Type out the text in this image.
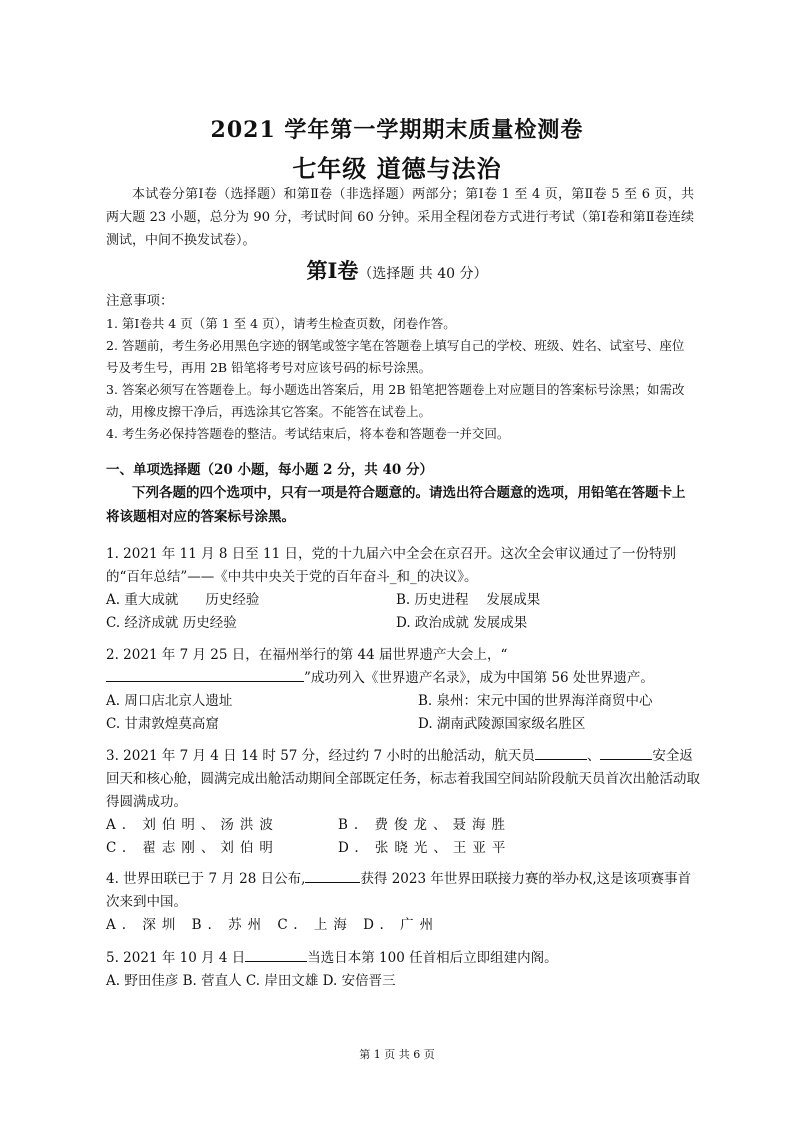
2021 学年第一学期期末质量检测卷
七年级 道德与法治
本试卷分第Ⅰ卷（选择题）和第Ⅱ卷（非选择题）两部分；第Ⅰ卷 1 至 4 页，第Ⅱ卷 5 至 6 页，共两大题 23 小题，总分为 90 分，考试时间 60 分钟。采用全程闭卷方式进行考试（第Ⅰ卷和第Ⅱ卷连续测试，中间不换发试卷）。
第Ⅰ卷（选择题 共 40 分）
注意事项：

1. 第Ⅰ卷共 4 页（第 1 至 4 页），请考生检查页数，闭卷作答。

2. 答题前，考生务必用黑色字迹的钢笔或签字笔在答题卷上填写自己的学校、班级、姓名、试室号、座位号及考生号，再用 2B 铅笔将考号对应该号码的标号涂黑。

3. 答案必须写在答题卷上。每小题选出答案后，用 2B 铅笔把答题卷上对应题目的答案标号涂黑；如需改动，用橡皮擦干净后，再选涂其它答案。不能答在试卷上。

4. 考生务必保持答题卷的整洁。考试结束后，将本卷和答题卷一并交回。

一、单项选择题（20 小题，每小题 2 分，共 40 分）
下列各题的四个选项中，只有一项是符合题意的。请选出符合题意的选项，用铅笔在答题卡上将该题相对应的答案标号涂黑。
1. 2021 年 11 月 8 日至 11 日，党的十九届六中全会在京召开。这次全会审议通过了一份特别的“百年总结”——《中共中央关于党的百年奋斗_和_的决议》。
A. 重大成就　　历史经验	B. 历史进程　 发展成果
C. 经济成就 历史经验	D. 政治成就 发展成果
2. 2021 年 7 月 25 日，在福州举行的第 44 届世界遗产大会上，“”成功列入《世界遗产名录》，成为中国第 56 处世界遗产。
A. 周口店北京人遗址	B. 泉州：宋元中国的世界海洋商贸中心
C. 甘肃敦煌莫高窟	D. 湖南武陵源国家级名胜区
3. 2021 年 7 月 4 日 14 时 57 分，经过约 7 小时的出舱活动，航天员	、	安全返回天和核心舱，圆满完成出舱活动期间全部既定任务，标志着我国空间站阶段航天员首次出舱活动取得圆满成功。
A. 刘伯明、汤洪波	B. 费俊龙、聂海胜
C. 翟志刚、刘伯明	D. 张晓光、王亚平
4. 世界田联已于 7 月 28 日公布,	获得 2023 年世界田联接力赛的举办权,这是该项赛事首次来到中国。
A. 深圳 B. 苏州 C. 上海 D. 广州
5. 2021 年 10 月 4 日	当选日本第 100 任首相后立即组建内阁。
A. 野田佳彦 B. 菅直人 C. 岸田文雄 D. 安倍晋三
第 1 页 共 6 页
